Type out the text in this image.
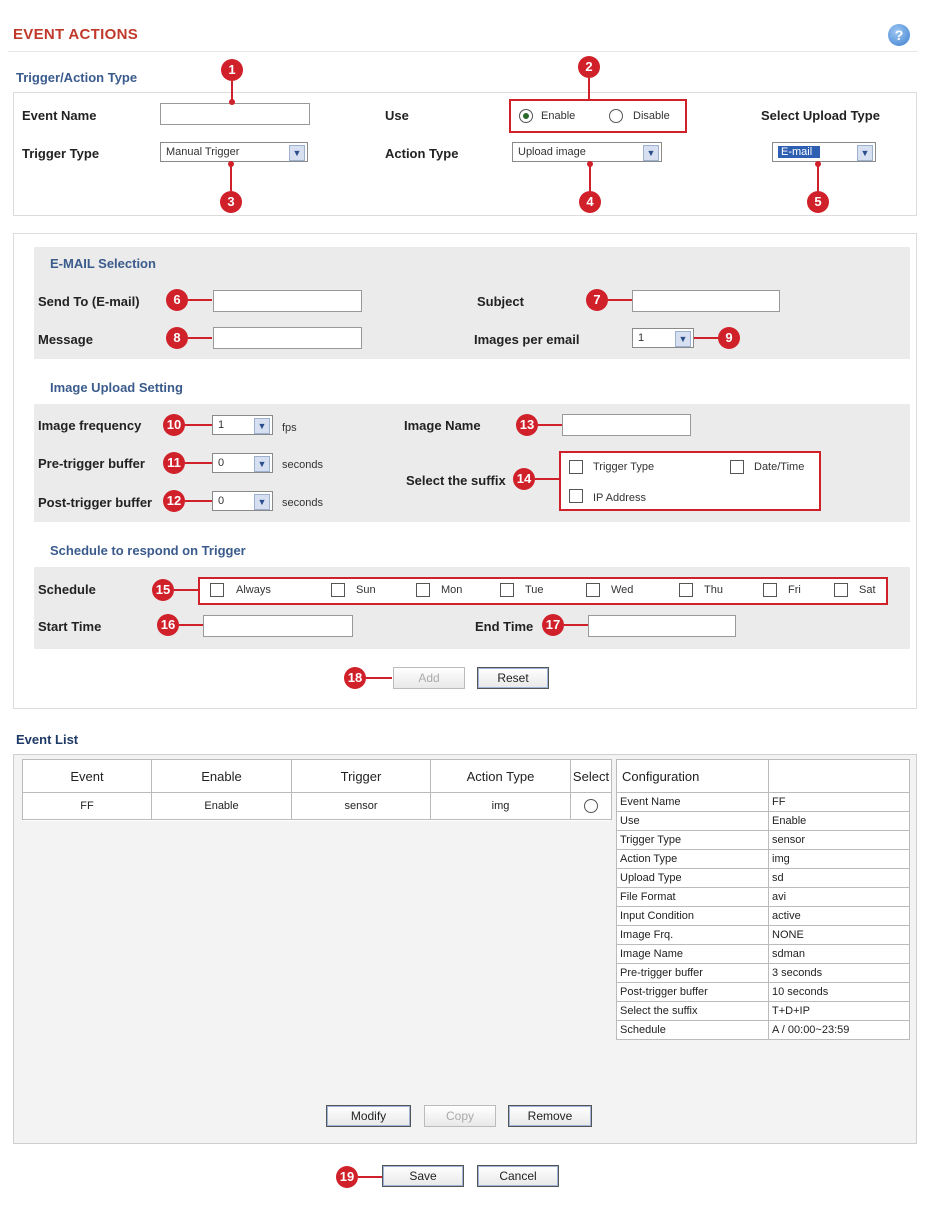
EVENT ACTIONS	?
Trigger/Action Type
Event Name	Use	Enable	Disable	Select Upload Type
Trigger Type	Manual Trigger	▼	Action Type	Upload image	▼	E-mail	▼
1	2
3	4	5
E-MAIL Selection
Send To (E-mail)	6	Subject	7
Message	8	Images per email	1	▼	9
Image Upload Setting
Image frequency 10	1	▼	fps
Pre-trigger buffer	11	0	▼	seconds
Post-trigger buffer	12	0	▼	seconds
Image Name	13
Select the suffix 14
Trigger Type	Date/Time
IP Address
Schedule to respond on Trigger
Schedule	15	Always	Sun	Mon	Tue	Wed	Thu	Fri	Sat
Start Time	16	End Time 17
18	Add	Reset
Event List
Event	Enable	Trigger	Action Type	Select
FF	Enable	sensor	img	
Configuration	
Event Name	FF
Use	Enable
Trigger Type	sensor
Action Type	img
Upload Type	sd
File Format	avi
Input Condition	active
Image Frq.	NONE
Image Name	sdman
Pre-trigger buffer	3 seconds
Post-trigger buffer	10 seconds
Select the suffix	T+D+IP
Schedule	A / 00:00~23:59
Modify	Copy	Remove
19	Save	Cancel
